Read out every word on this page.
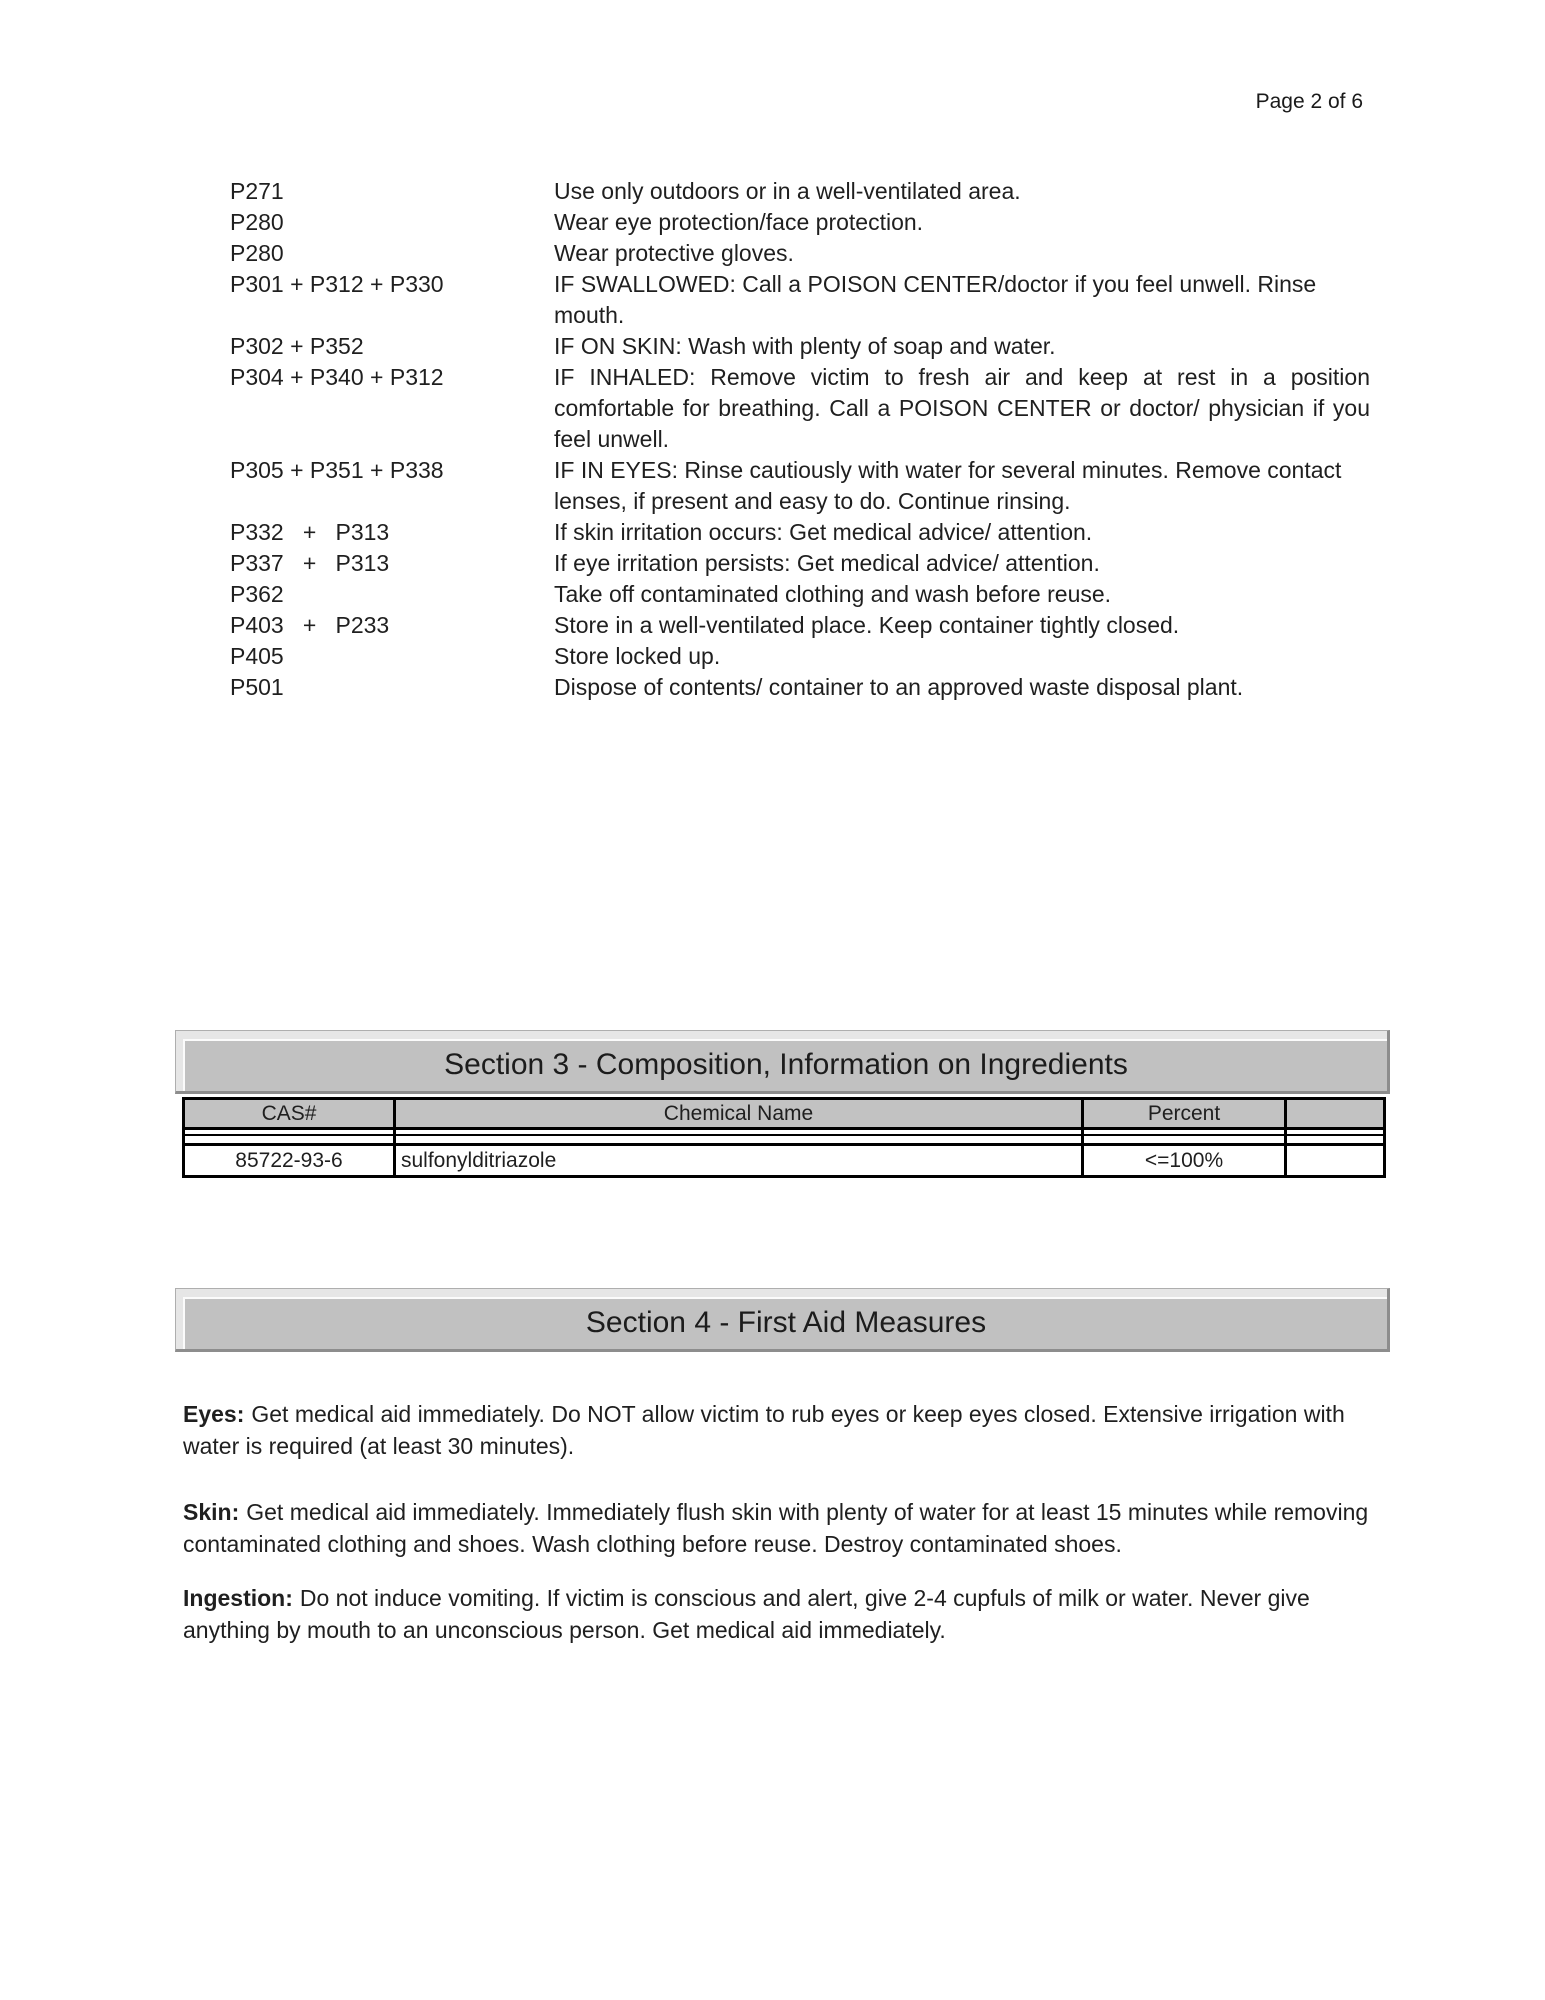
Page 2 of 6
P271	Use only outdoors or in a well-ventilated area.
P280	Wear eye protection/face protection.
P280	Wear protective gloves.
P301 + P312 + P330	IF SWALLOWED: Call a POISON CENTER/doctor if you feel unwell. Rinse mouth.
P302 + P352	IF ON SKIN: Wash with plenty of soap and water.
P304 + P340 + P312	IF INHALED: Remove victim to fresh air and keep at rest in a position comfortable for breathing. Call a POISON CENTER or doctor/ physician if you feel unwell.
P305 + P351 + P338	IF IN EYES: Rinse cautiously with water for several minutes. Remove contact lenses, if present and easy to do. Continue rinsing.
P332   +   P313	If skin irritation occurs: Get medical advice/ attention.
P337   +   P313	If eye irritation persists: Get medical advice/ attention.
P362	Take off contaminated clothing and wash before reuse.
P403   +   P233	Store in a well-ventilated place. Keep container tightly closed.
P405	Store locked up.
P501	Dispose of contents/ container to an approved waste disposal plant.
Section 3 - Composition, Information on Ingredients
CAS#	Chemical Name	Percent	

85722-93-6	sulfonylditriazole	<=100%	
Section 4 - First Aid Measures

Eyes: Get medical aid immediately. Do NOT allow victim to rub eyes or keep eyes closed. Extensive irrigation with water is required (at least 30 minutes).

Skin: Get medical aid immediately. Immediately flush skin with plenty of water for at least 15 minutes while removing contaminated clothing and shoes. Wash clothing before reuse. Destroy contaminated shoes.

Ingestion: Do not induce vomiting. If victim is conscious and alert, give 2-4 cupfuls of milk or water. Never give anything by mouth to an unconscious person. Get medical aid immediately.
